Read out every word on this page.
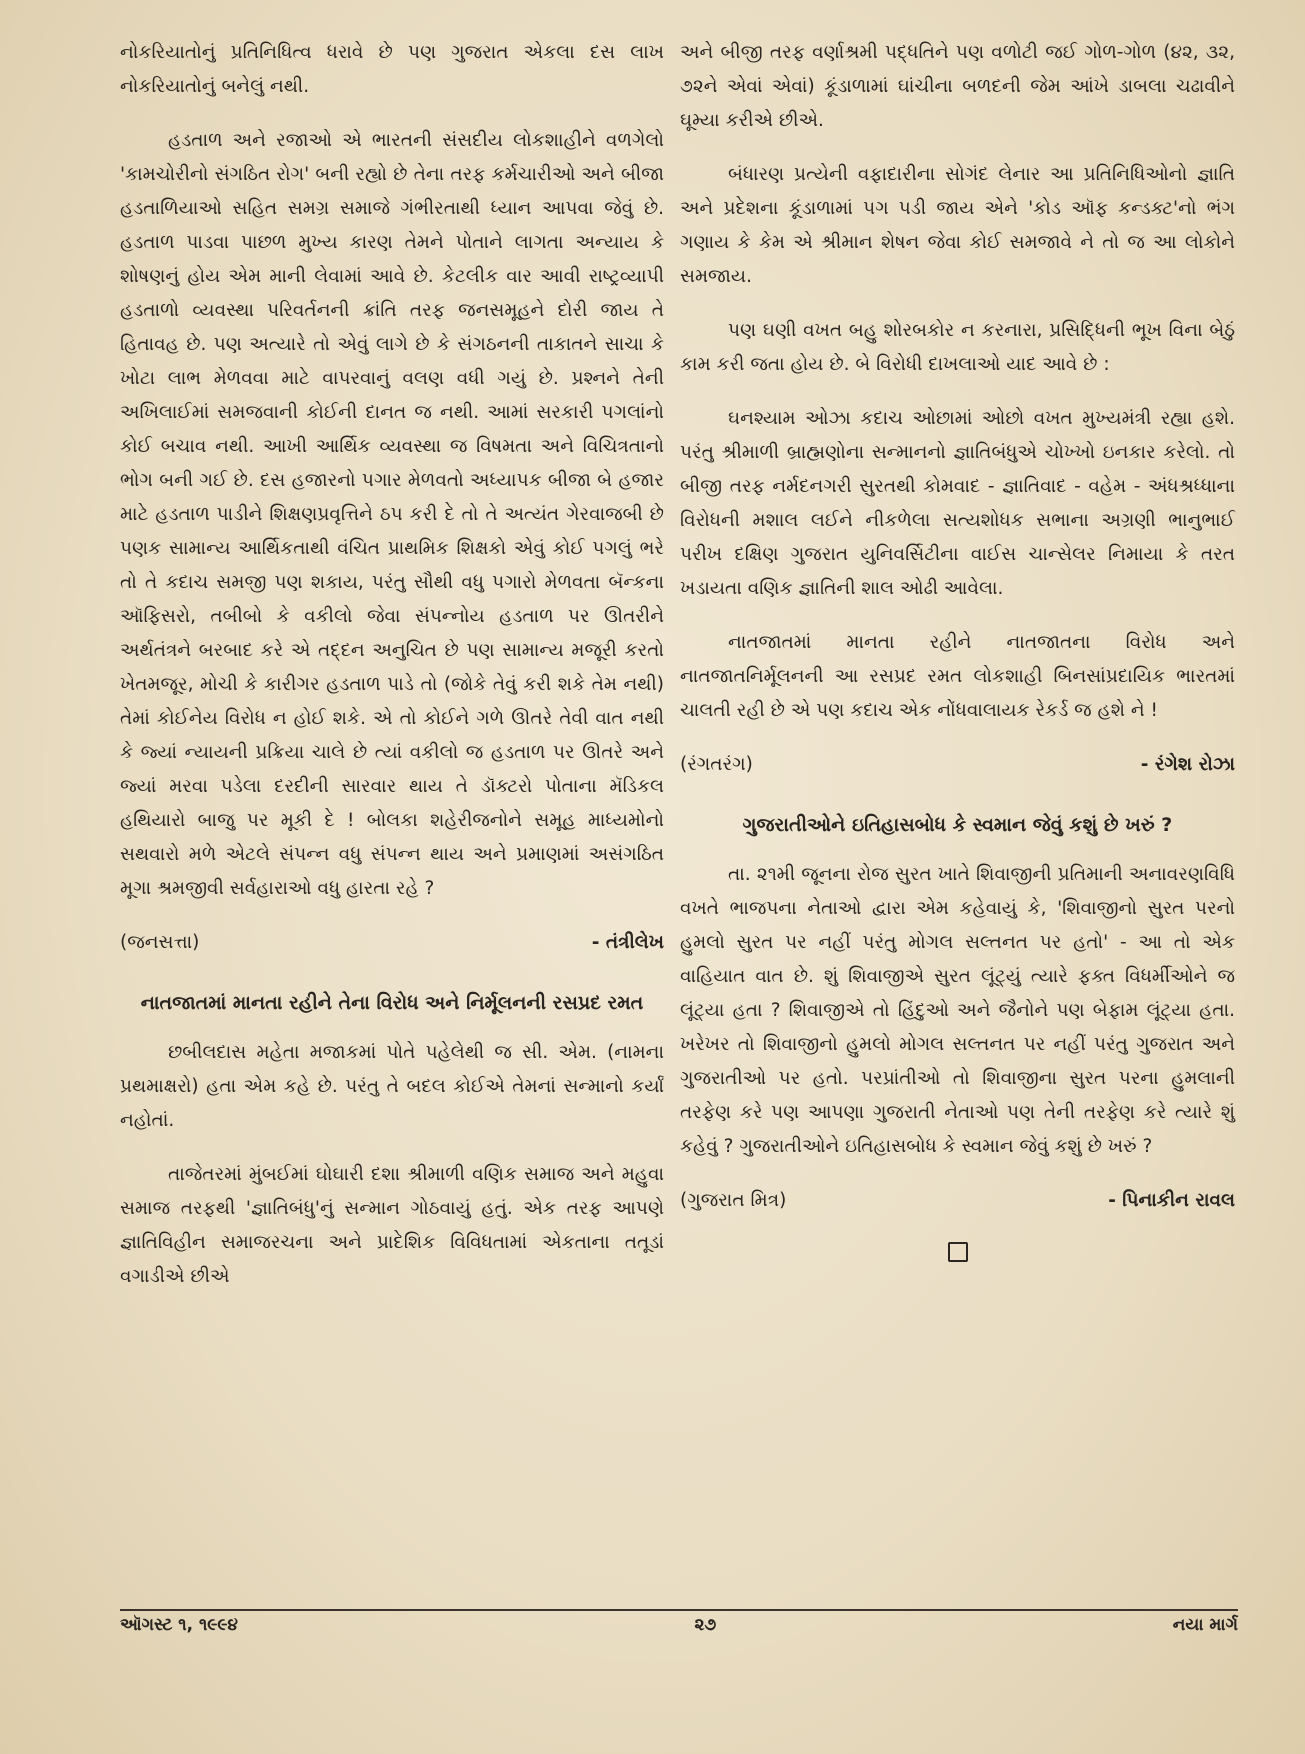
નોકરિયાતોનું પ્રતિનિધિત્વ ધરાવે છે પણ ગુજરાત એકલા દસ લાખ નોકરિયાતોનું બનેલું નથી.

હડતાળ અને રજાઓ એ ભારતની સંસદીય લોકશાહીને વળગેલો 'કામચોરીનો સંગઠિત રોગ' બની રહ્યો છે તેના તરફ કર્મચારીઓ અને બીજા હડતાળિયાઓ સહિત સમગ્ર સમાજે ગંભીરતાથી ધ્યાન આપવા જેવું છે. હડતાળ પાડવા પાછળ મુખ્ય કારણ તેમને પોતાને લાગતા અન્યાય કે શોષણનું હોય એમ માની લેવામાં આવે છે. કેટલીક વાર આવી રાષ્ટ્રવ્યાપી હડતાળો વ્યવસ્થા પરિવર્તનની ક્રાંતિ તરફ જનસમૂહને દોરી જાય તે હિતાવહ છે. પણ અત્યારે તો એવું લાગે છે કે સંગઠનની તાકાતને સાચા કે ખોટા લાભ મેળવવા માટે વાપરવાનું વલણ વધી ગયું છે. પ્રશ્નને તેની અખિલાઈમાં સમજવાની કોઈની દાનત જ નથી. આમાં સરકારી પગલાંનો કોઈ બચાવ નથી. આખી આર્થિક વ્યવસ્થા જ વિષમતા અને વિચિત્રતાનો ભોગ બની ગઈ છે. દસ હજારનો પગાર મેળવતો અધ્યાપક બીજા બે હજાર માટે હડતાળ પાડીને શિક્ષણપ્રવૃત્તિને ઠપ કરી દે તો તે અત્યંત ગેરવાજબી છે પણક સામાન્ય આર્થિકતાથી વંચિત પ્રાથમિક શિક્ષકો એવું કોઈ પગલું ભરે તો તે કદાચ સમજી પણ શકાય, પરંતુ સૌથી વધુ પગારો મેળવતા બૅન્કના ઑફિસરો, તબીબો કે વકીલો જેવા સંપન્નોય હડતાળ પર ઊતરીને અર્થતંત્રને બરબાદ કરે એ તદ્દન અનુચિત છે પણ સામાન્ય મજૂરી કરતો ખેતમજૂર, મોચી કે કારીગર હડતાળ પાડે તો (જોકે તેવું કરી શકે તેમ નથી) તેમાં કોઈનેય વિરોધ ન હોઈ શકે. એ તો કોઈને ગળે ઊતરે તેવી વાત નથી કે જ્યાં ન્યાયની પ્રક્રિયા ચાલે છે ત્યાં વકીલો જ હડતાળ પર ઊતરે અને જ્યાં મરવા પડેલા દરદીની સારવાર થાય તે ડૉક્ટરો પોતાના મૅડિકલ હથિયારો બાજુ પર મૂકી દે ! બોલકા શહેરીજનોને સમૂહ માધ્યમોનો સથવારો મળે એટલે સંપન્ન વધુ સંપન્ન થાય અને પ્રમાણમાં અસંગઠિત મૂગા શ્રમજીવી સર્વહારાઓ વધુ હારતા રહે ?

(જનસત્તા)	- તંત્રીલેખ
નાતજાતમાં માનતા રહીને તેના વિરોધ અને નિર્મૂલનની રસપ્રદ રમત

છબીલદાસ મહેતા મજાકમાં પોતે પહેલેથી જ સી. એમ. (નામના પ્રથમાક્ષરો) હતા એમ કહે છે. પરંતુ તે બદલ કોઈએ તેમનાં સન્માનો કર્યાં નહોતાં.

તાજેતરમાં મુંબઈમાં ઘોઘારી દશા શ્રીમાળી વણિક સમાજ અને મહુવા સમાજ તરફથી 'જ્ઞાતિબંધુ'નું સન્માન ગોઠવાયું હતું. એક તરફ આપણે જ્ઞાતિવિહીન સમાજરચના અને પ્રાદેશિક વિવિધતામાં એકતાના તતૂડાં વગાડીએ છીએ

અને બીજી તરફ વર્ણાશ્રમી પદ્ધતિને પણ વળોટી જઈ ગોળ-ગોળ (૪૨, ૩૨, ૭૨ને એવાં એવાં) કૂંડાળામાં ઘાંચીના બળદની જેમ આંખે ડાબલા ચઢાવીને ઘૂમ્યા કરીએ છીએ.

બંધારણ પ્રત્યેની વફાદારીના સોગંદ લેનાર આ પ્રતિનિધિઓનો જ્ઞાતિ અને પ્રદેશના કૂંડાળામાં પગ પડી જાય એને 'કોડ ઑફ કન્ડક્ટ'નો ભંગ ગણાય કે કેમ એ શ્રીમાન શેષન જેવા કોઈ સમજાવે ને તો જ આ લોકોને સમજાય.

પણ ઘણી વખત બહુ શોરબકોર ન કરનારા, પ્રસિદ્ધિની ભૂખ વિના બેઠું કામ કરી જતા હોય છે. બે વિરોધી દાખલાઓ યાદ આવે છે :

ઘનશ્યામ ઓઝા કદાચ ઓછામાં ઓછો વખત મુખ્યમંત્રી રહ્યા હશે. પરંતુ શ્રીમાળી બ્રાહ્મણોના સન્માનનો જ્ઞાતિબંધુએ ચોખ્ખો ઇનકાર કરેલો. તો બીજી તરફ નર્મદનગરી સુરતથી કોમવાદ - જ્ઞાતિવાદ - વહેમ - અંધશ્રધ્ધાના વિરોધની મશાલ લઈને નીકળેલા સત્યશોધક સભાના અગ્રણી ભાનુભાઈ પરીખ દક્ષિણ ગુજરાત યુનિવર્સિટીના વાઈસ ચાન્સેલર નિમાયા કે તરત ખડાયતા વણિક જ્ઞાતિની શાલ ઓઢી આવેલા.

નાતજાતમાં માનતા રહીને નાતજાતના વિરોધ અને નાતજાતનિર્મૂલનની આ રસપ્રદ રમત લોકશાહી બિનસાંપ્રદાયિક ભારતમાં ચાલતી રહી છે એ પણ કદાચ એક નોંધવાલાયક રેકર્ડ જ હશે ને !

(રંગતરંગ)	- રંગેશ રોઝા
ગુજરાતીઓને ઇતિહાસબોધ કે સ્વમાન જેવું કશું છે ખરું ?

તા. ૨૧મી જૂનના રોજ સુરત ખાતે શિવાજીની પ્રતિમાની અનાવરણવિધિ વખતે ભાજપના નેતાઓ દ્વારા એમ કહેવાયું કે, 'શિવાજીનો સુરત પરનો હુમલો સુરત પર નહીં પરંતુ મોગલ સલ્તનત પર હતો' - આ તો એક વાહિયાત વાત છે. શું શિવાજીએ સુરત લૂંટ્યું ત્યારે ફક્ત વિધર્મીઓને જ લૂંટ્યા હતા ? શિવાજીએ તો હિંદુઓ અને જૈનોને પણ બેફામ લૂંટ્યા હતા. ખરેખર તો શિવાજીનો હુમલો મોગલ સલ્તનત પર નહીં પરંતુ ગુજરાત અને ગુજરાતીઓ પર હતો. પરપ્રાંતીઓ તો શિવાજીના સુરત પરના હુમલાની તરફેણ કરે પણ આપણા ગુજરાતી નેતાઓ પણ તેની તરફેણ કરે ત્યારે શું કહેવું ? ગુજરાતીઓને ઇતિહાસબોધ કે સ્વમાન જેવું કશું છે ખરું ?

(ગુજરાત મિત્ર)	- પિનાકીન રાવલ
ઑગસ્ટ ૧, ૧૯૯૪	૨૭	નયા માર્ગ
